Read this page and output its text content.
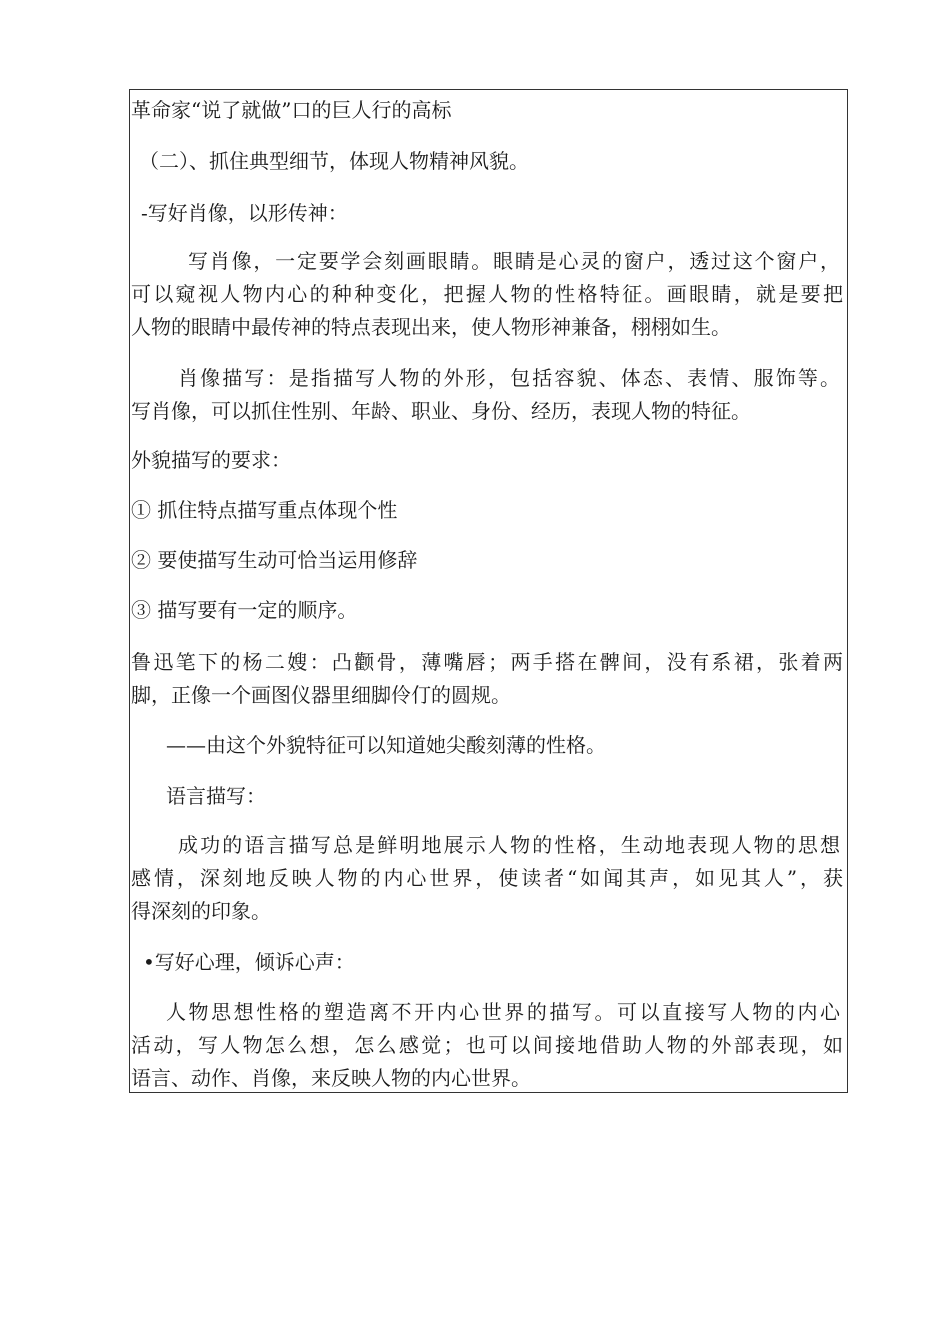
革命家“说了就做”口的巨人行的高标
（二）、抓住典型细节，体现人物精神风貌。
-写好肖像，以形传神：
写肖像，一定要学会刻画眼睛。眼睛是心灵的窗户，透过这个窗户，
可以窥视人物内心的种种变化，把握人物的性格特征。画眼睛，就是要把
人物的眼睛中最传神的特点表现出来，使人物形神兼备，栩栩如生。
肖像描写：是指描写人物的外形，包括容貌、体态、表情、服饰等。
写肖像，可以抓住性别、年龄、职业、身份、经历，表现人物的特征。
外貌描写的要求：
① 抓住特点描写重点体现个性
② 要使描写生动可恰当运用修辞
③ 描写要有一定的顺序。
鲁迅笔下的杨二嫂：凸颧骨，薄嘴唇；两手搭在髀间，没有系裙，张着两
脚，正像一个画图仪器里细脚伶仃的圆规。
——由这个外貌特征可以知道她尖酸刻薄的性格。
语言描写：
成功的语言描写总是鲜明地展示人物的性格，生动地表现人物的思想
感情，深刻地反映人物的内心世界，使读者“如闻其声，如见其人”，获
得深刻的印象。
•写好心理，倾诉心声：
人物思想性格的塑造离不开内心世界的描写。可以直接写人物的内心
活动，写人物怎么想，怎么感觉；也可以间接地借助人物的外部表现，如
语言、动作、肖像，来反映人物的内心世界。
